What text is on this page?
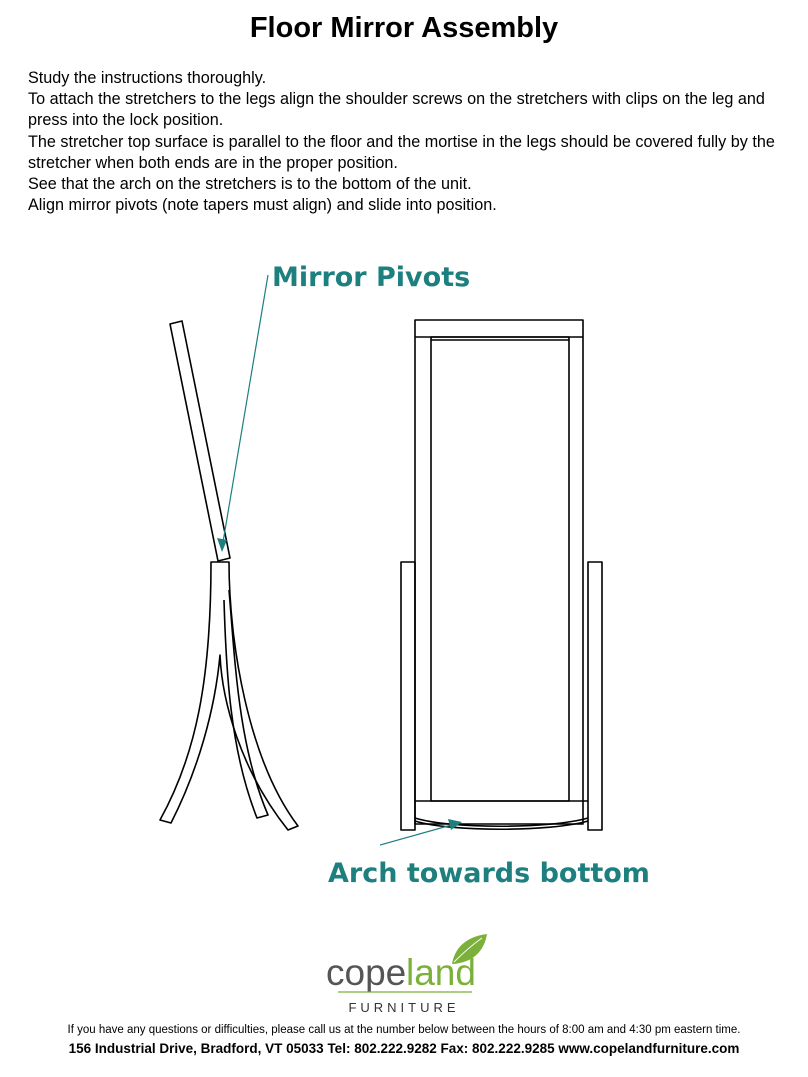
Floor Mirror Assembly

Study the instructions thoroughly.

To attach the stretchers to the legs align the shoulder screws on the stretchers with clips on the leg and press into the lock position.

The stretcher top surface is parallel to the floor and the mortise in the legs should be covered fully by the stretcher when both ends are in the proper position.

See that the arch on the stretchers is to the bottom of the unit.

Align mirror pivots (note tapers must align) and slide into position.

Mirror Pivots
Arch towards bottom
cope land
FURNITURE
If you have any questions or difficulties, please call us at the number below between the hours of 8:00 am and 4:30 pm eastern time.
156 Industrial Drive, Bradford, VT 05033 Tel: 802.222.9282 Fax: 802.222.9285 www.copelandfurniture.com
